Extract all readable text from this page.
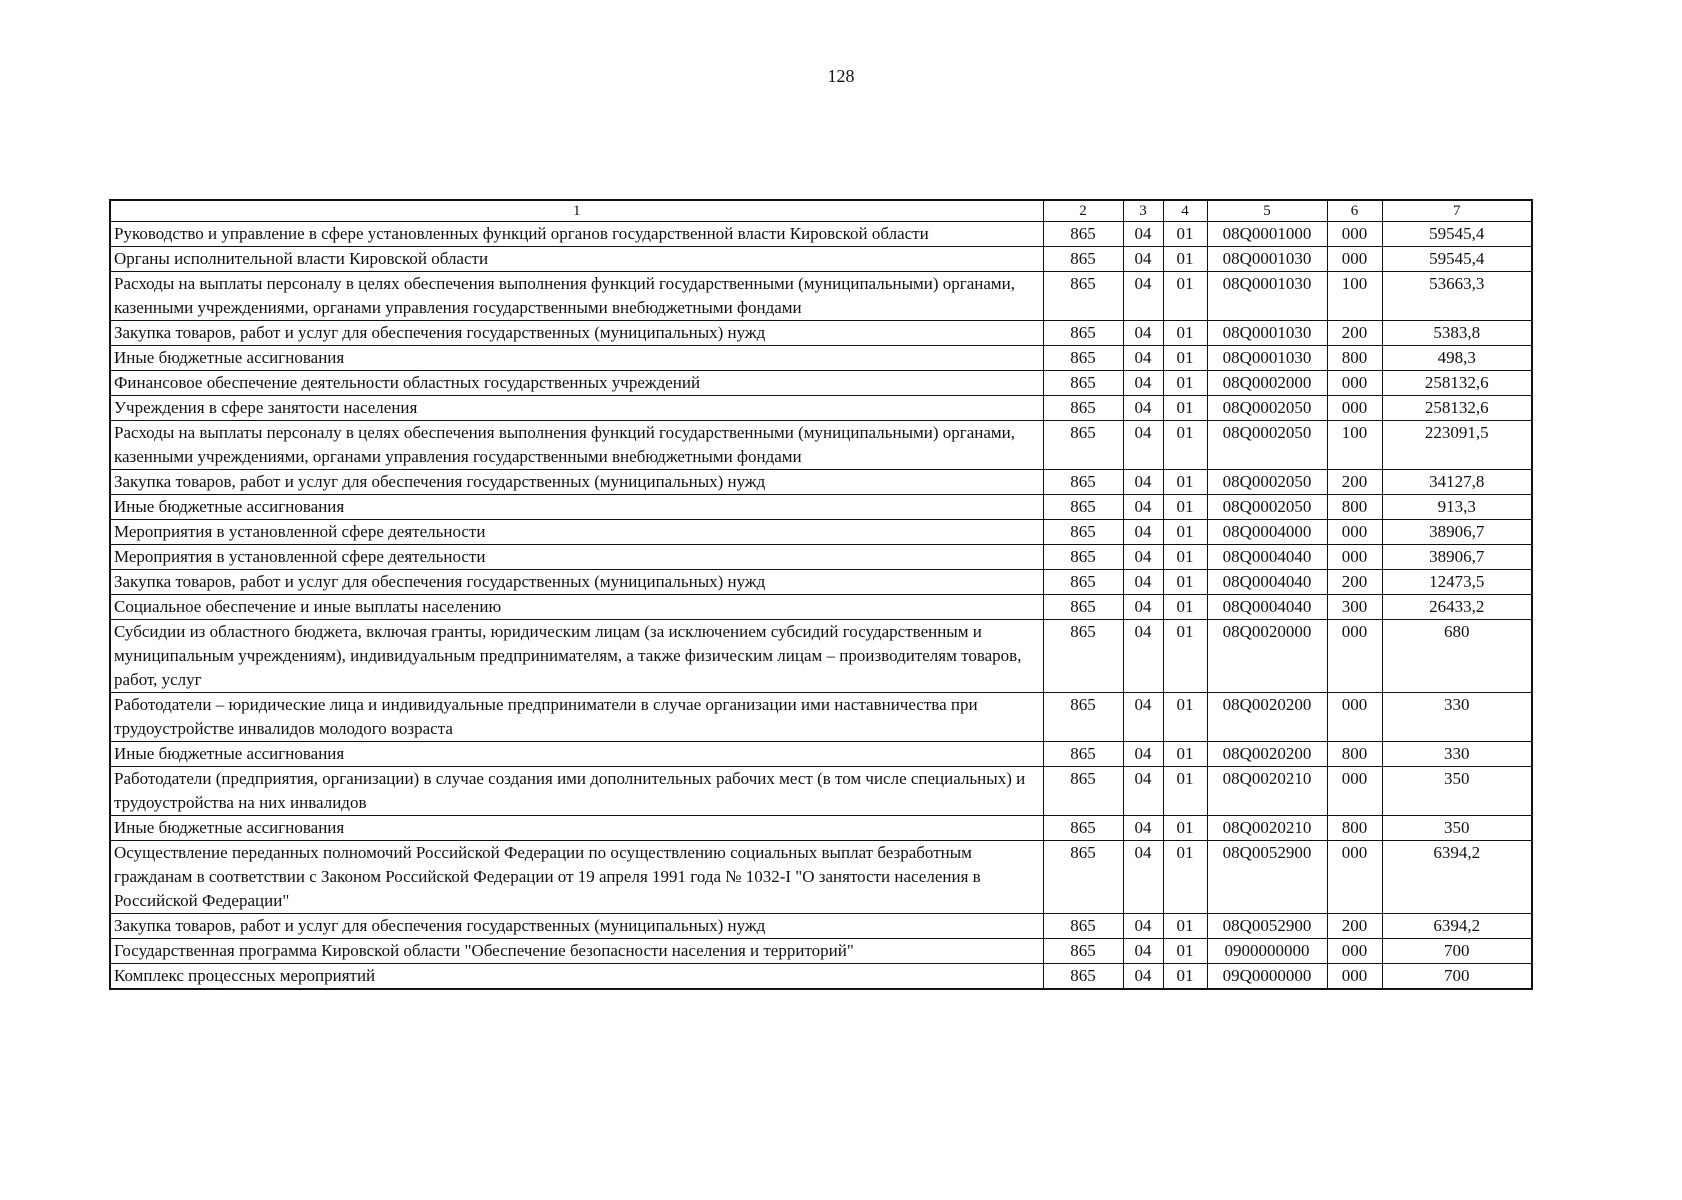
128
1	2	3	4	5	6	7
Руководство и управление в сфере установленных функций органов государственной власти Кировской области	865	04	01	08Q0001000	000	59545,4
Органы исполнительной власти Кировской области	865	04	01	08Q0001030	000	59545,4
Расходы на выплаты персоналу в целях обеспечения выполнения функций государственными (муниципальными) органами, казенными учреждениями, органами управления государственными внебюджетными фондами	865	04	01	08Q0001030	100	53663,3
Закупка товаров, работ и услуг для обеспечения государственных (муниципальных) нужд	865	04	01	08Q0001030	200	5383,8
Иные бюджетные ассигнования	865	04	01	08Q0001030	800	498,3
Финансовое обеспечение деятельности областных государственных учреждений	865	04	01	08Q0002000	000	258132,6
Учреждения в сфере занятости населения	865	04	01	08Q0002050	000	258132,6
Расходы на выплаты персоналу в целях обеспечения выполнения функций государственными (муниципальными) органами, казенными учреждениями, органами управления государственными внебюджетными фондами	865	04	01	08Q0002050	100	223091,5
Закупка товаров, работ и услуг для обеспечения государственных (муниципальных) нужд	865	04	01	08Q0002050	200	34127,8
Иные бюджетные ассигнования	865	04	01	08Q0002050	800	913,3
Мероприятия в установленной сфере деятельности	865	04	01	08Q0004000	000	38906,7
Мероприятия в установленной сфере деятельности	865	04	01	08Q0004040	000	38906,7
Закупка товаров, работ и услуг для обеспечения государственных (муниципальных) нужд	865	04	01	08Q0004040	200	12473,5
Социальное обеспечение и иные выплаты населению	865	04	01	08Q0004040	300	26433,2
Субсидии из областного бюджета, включая гранты, юридическим лицам (за исключением субсидий государственным и муниципальным учреждениям), индивидуальным предпринимателям, а также физическим лицам – производителям товаров, работ, услуг	865	04	01	08Q0020000	000	680
Работодатели – юридические лица и индивидуальные предприниматели в случае организации ими наставничества при трудоустройстве инвалидов молодого возраста	865	04	01	08Q0020200	000	330
Иные бюджетные ассигнования	865	04	01	08Q0020200	800	330
Работодатели (предприятия, организации) в случае создания ими дополнительных рабочих мест (в том числе специальных) и трудоустройства на них инвалидов	865	04	01	08Q0020210	000	350
Иные бюджетные ассигнования	865	04	01	08Q0020210	800	350
Осуществление переданных полномочий Российской Федерации по осуществлению социальных выплат безработным гражданам в соответствии с Законом Российской Федерации от 19 апреля 1991 года № 1032-I "О занятости населения в Российской Федерации"	865	04	01	08Q0052900	000	6394,2
Закупка товаров, работ и услуг для обеспечения государственных (муниципальных) нужд	865	04	01	08Q0052900	200	6394,2
Государственная программа Кировской области "Обеспечение безопасности населения и территорий"	865	04	01	0900000000	000	700
Комплекс процессных мероприятий	865	04	01	09Q0000000	000	700
